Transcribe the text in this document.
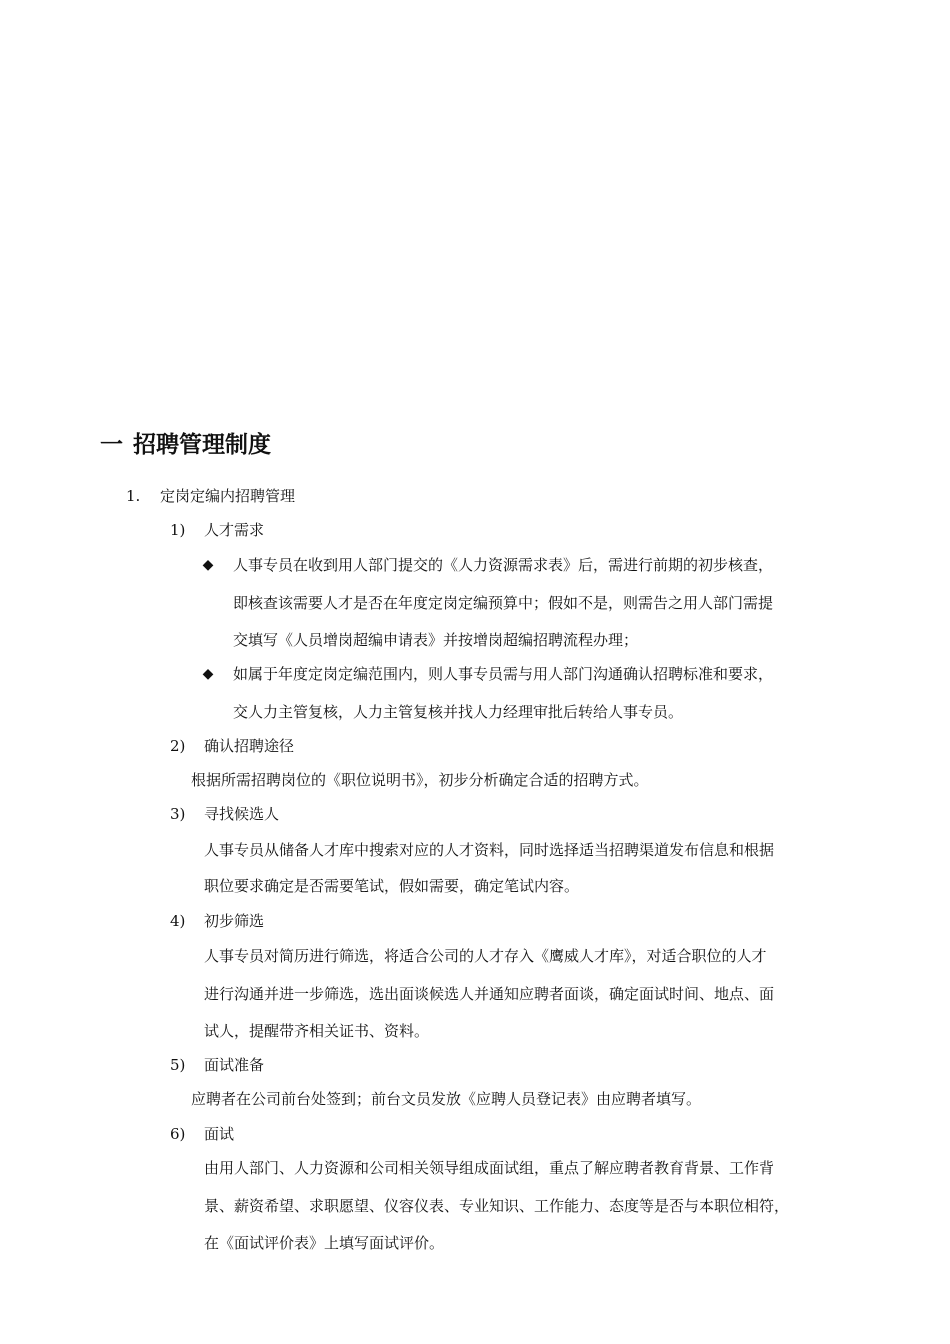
一 招聘管理制度
1. 定岗定编内招聘管理
1) 人才需求
◆ 人事专员在收到用人部门提交的《人力资源需求表》后，需进行前期的初步核查，
即核查该需要人才是否在年度定岗定编预算中；假如不是，则需告之用人部门需提
交填写《人员增岗超编申请表》并按增岗超编招聘流程办理；
◆ 如属于年度定岗定编范围内，则人事专员需与用人部门沟通确认招聘标准和要求，
交人力主管复核，人力主管复核并找人力经理审批后转给人事专员。
2) 确认招聘途径
根据所需招聘岗位的《职位说明书》，初步分析确定合适的招聘方式。
3) 寻找候选人
人事专员从储备人才库中搜索对应的人才资料，同时选择适当招聘渠道发布信息和根据
职位要求确定是否需要笔试，假如需要，确定笔试内容。
4) 初步筛选
人事专员对简历进行筛选，将适合公司的人才存入《鹰威人才库》，对适合职位的人才
进行沟通并进一步筛选，选出面谈候选人并通知应聘者面谈，确定面试时间、地点、面
试人，提醒带齐相关证书、资料。
5) 面试准备
应聘者在公司前台处签到；前台文员发放《应聘人员登记表》由应聘者填写。
6) 面试
由用人部门、人力资源和公司相关领导组成面试组，重点了解应聘者教育背景、工作背
景、薪资希望、求职愿望、仪容仪表、专业知识、工作能力、态度等是否与本职位相符，
在《面试评价表》上填写面试评价。
